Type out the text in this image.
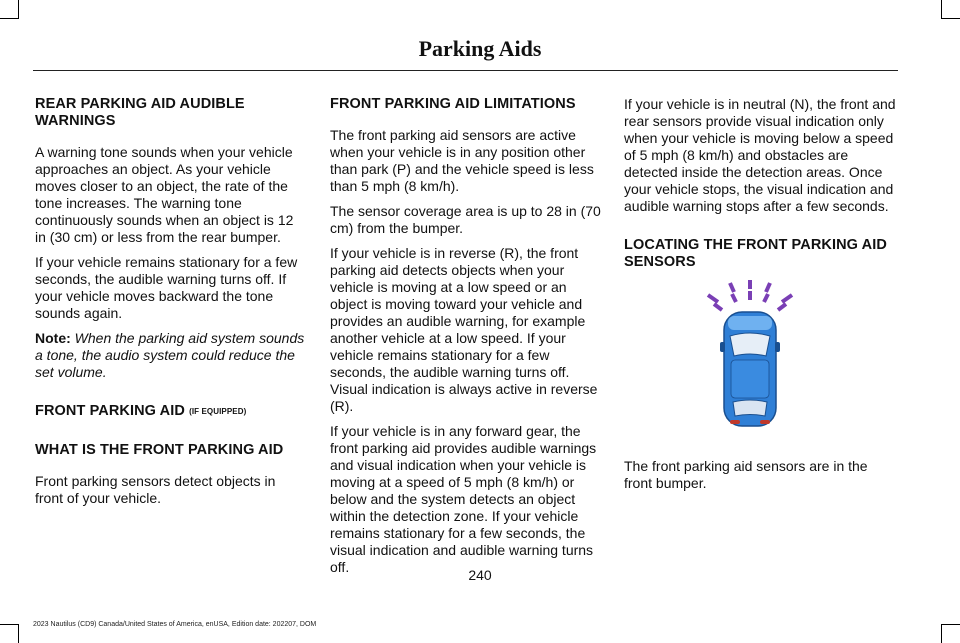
Parking Aids
REAR PARKING AID AUDIBLE WARNINGS

A warning tone sounds when your vehicle approaches an object. As your vehicle moves closer to an object, the rate of the tone increases. The warning tone continuously sounds when an object is 12 in (30 cm) or less from the rear bumper.

If your vehicle remains stationary for a few seconds, the audible warning turns off. If your vehicle moves backward the tone sounds again.

Note: When the parking aid system sounds a tone, the audio system could reduce the set volume.

FRONT PARKING AID (IF EQUIPPED)
WHAT IS THE FRONT PARKING AID

Front parking sensors detect objects in front of your vehicle.

FRONT PARKING AID LIMITATIONS

The front parking aid sensors are active when your vehicle is in any position other than park (P) and the vehicle speed is less than 5 mph (8 km/h).

The sensor coverage area is up to 28 in (70 cm) from the bumper.

If your vehicle is in reverse (R), the front parking aid detects objects when your vehicle is moving at a low speed or an object is moving toward your vehicle and provides an audible warning, for example another vehicle at a low speed. If your vehicle remains stationary for a few seconds, the audible warning turns off. Visual indication is always active in reverse (R).

If your vehicle is in any forward gear, the front parking aid provides audible warnings and visual indication when your vehicle is moving at a speed of 5 mph (8 km/h) or below and the system detects an object within the detection zone. If your vehicle remains stationary for a few seconds, the visual indication and audible warning turns off.

If your vehicle is in neutral (N), the front and rear sensors provide visual indication only when your vehicle is moving below a speed of 5 mph (8 km/h) and obstacles are detected inside the detection areas. Once your vehicle stops, the visual indication and audible warning stops after a few seconds.

LOCATING THE FRONT PARKING AID SENSORS
The front parking aid sensors are in the front bumper.
240
2023 Nautilus (CD9) Canada/United States of America, enUSA, Edition date: 202207, DOM
